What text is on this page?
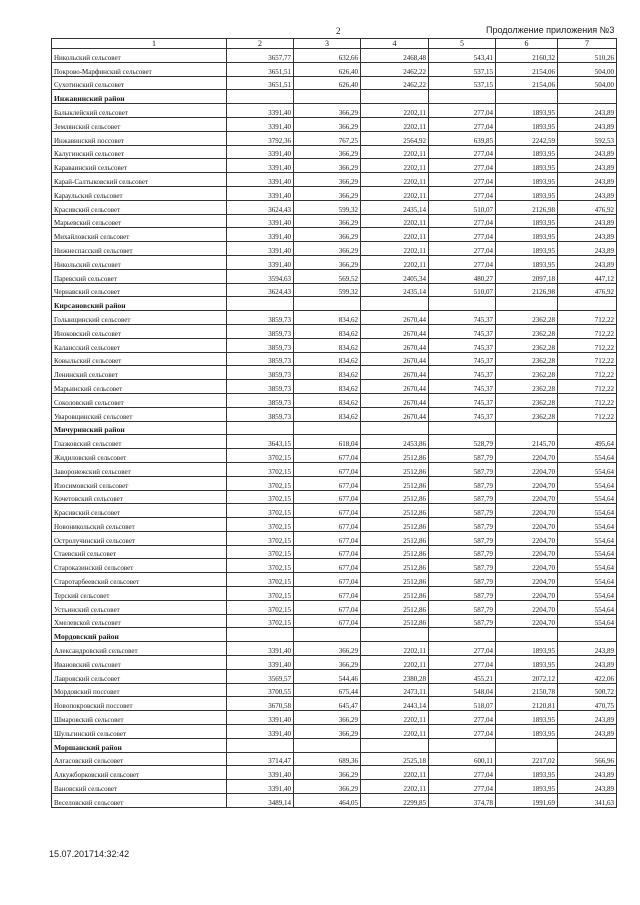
2	Продолжение приложения №3
1	2	3	4	5	6	7
Никольский сельсовет	3657,77	632,66	2468,48	543,41	2160,32	510,26
Покрово-Марфинский сельсовет	3651,51	626,40	2462,22	537,15	2154,06	504,00
Сухотинский сельсовет	3651,51	626,40	2462,22	537,15	2154,06	504,00
Инжавинский район						
Балыклейский сельсовет	3391,40	366,29	2202,11	277,04	1893,95	243,89
Землянский сельсовет	3391,40	366,29	2202,11	277,04	1893,95	243,89
Инжавинский поссовет	3792,36	767,25	2564,92	639,85	2242,59	592,53
Калугинский сельсовет	3391,40	366,29	2202,11	277,04	1893,95	243,89
Караваинский сельсовет	3391,40	366,29	2202,11	277,04	1893,95	243,89
Карай-Салтыковский сельсовет	3391,40	366,29	2202,11	277,04	1893,95	243,89
Караульский сельсовет	3391,40	366,29	2202,11	277,04	1893,95	243,89
Красивский сельсовет	3624,43	599,32	2435,14	510,07	2126,98	476,92
Марьевский сельсовет	3391,40	366,29	2202,11	277,04	1893,95	243,89
Михайловский сельсовет	3391,40	366,29	2202,11	277,04	1893,95	243,89
Нижнеспасский сельсовет	3391,40	366,29	2202,11	277,04	1893,95	243,89
Никольский сельсовет	3391,40	366,29	2202,11	277,04	1893,95	243,89
Паревский сельсовет	3594,63	569,52	2405,34	480,27	2097,18	447,12
Чернавский сельсовет	3624,43	599,32	2435,14	510,07	2126,98	476,92
Кирсановский район						
Голынщинский сельсовет	3859,73	834,62	2670,44	745,37	2362,28	712,22
Иноковский сельсовет	3859,73	834,62	2670,44	745,37	2362,28	712,22
Калаисский сельсовет	3859,73	834,62	2670,44	745,37	2362,28	712,22
Ковыльский сельсовет	3859,73	834,62	2670,44	745,37	2362,28	712,22
Ленинский сельсовет	3859,73	834,62	2670,44	745,37	2362,28	712,22
Марьинский сельсовет	3859,73	834,62	2670,44	745,37	2362,28	712,22
Соколовский сельсовет	3859,73	834,62	2670,44	745,37	2362,28	712,22
Уваровщинский сельсовет	3859,73	834,62	2670,44	745,37	2362,28	712,22
Мичуринский район						
Глазковский сельсовет	3643,15	618,04	2453,86	528,79	2145,70	495,64
Жидиловский сельсовет	3702,15	677,04	2512,86	587,79	2204,70	554,64
Заворонежский сельсовет	3702,15	677,04	2512,86	587,79	2204,70	554,64
Изосимовский сельсовет	3702,15	677,04	2512,86	587,79	2204,70	554,64
Кочетовский сельсовет	3702,15	677,04	2512,86	587,79	2204,70	554,64
Красивский сельсовет	3702,15	677,04	2512,86	587,79	2204,70	554,64
Новоникольский сельсовет	3702,15	677,04	2512,86	587,79	2204,70	554,64
Остролучинский сельсовет	3702,15	677,04	2512,86	587,79	2204,70	554,64
Стаевский сельсовет	3702,15	677,04	2512,86	587,79	2204,70	554,64
Староказинский сельсовет	3702,15	677,04	2512,86	587,79	2204,70	554,64
Старотарбеевский сельсовет	3702,15	677,04	2512,86	587,79	2204,70	554,64
Терский сельсовет	3702,15	677,04	2512,86	587,79	2204,70	554,64
Устьинский сельсовет	3702,15	677,04	2512,86	587,79	2204,70	554,64
Хмелевской сельсовет	3702,15	677,04	2512,86	587,79	2204,70	554,64
Мордовский район						
Александровский сельсовет	3391,40	366,29	2202,11	277,04	1893,95	243,89
Ивановский сельсовет	3391,40	366,29	2202,11	277,04	1893,95	243,89
Лавровский сельсовет	3569,57	544,46	2380,28	455,21	2072,12	422,06
Мордовский поссовет	3700,55	675,44	2473,11	548,04	2150,78	500,72
Новопокровский поссовет	3670,58	645,47	2443,14	518,07	2120,81	470,75
Шмаровский сельсовет	3391,40	366,29	2202,11	277,04	1893,95	243,89
Шульгинский сельсовет	3391,40	366,29	2202,11	277,04	1893,95	243,89
Моршанский район						
Алгасовский сельсовет	3714,47	689,36	2525,18	600,11	2217,02	566,96
Алкужборковский сельсовет	3391,40	366,29	2202,11	277,04	1893,95	243,89
Вановский сельсовет	3391,40	366,29	2202,11	277,04	1893,95	243,89
Веселовский сельсовет	3489,14	464,05	2299,85	374,78	1991,69	341,63
15.07.201714:32:42
